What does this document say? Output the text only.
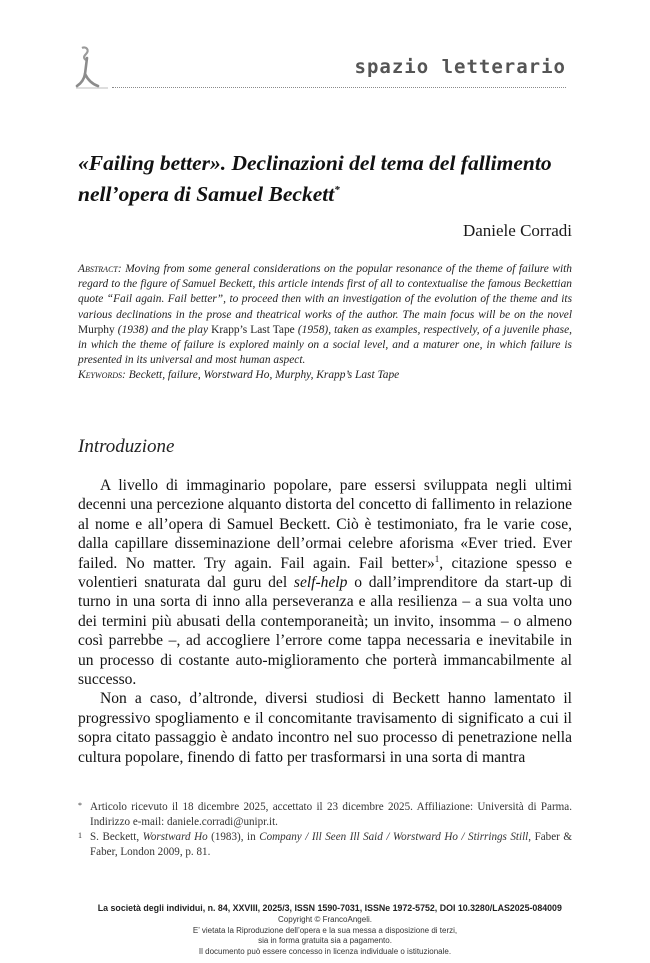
spazio letterario
«Failing better». Declinazioni del tema del fallimento nell’opera di Samuel Beckett*
Daniele Corradi
Abstract: Moving from some general considerations on the popular resonance of the theme of failure with regard to the figure of Samuel Beckett, this article intends first of all to contextualise the famous Beckettian quote “Fail again. Fail better”, to proceed then with an investigation of the evolution of the theme and its various declinations in the prose and theatrical works of the author. The main focus will be on the novel Murphy (1938) and the play Krapp’s Last Tape (1958), taken as examples, respectively, of a juvenile phase, in which the theme of failure is explored mainly on a social level, and a maturer one, in which failure is presented in its universal and most human aspect.
Keywords: Beckett, failure, Worstward Ho, Murphy, Krapp’s Last Tape
Introduzione

A livello di immaginario popolare, pare essersi sviluppata negli ultimi decenni una percezione alquanto distorta del concetto di fallimento in relazione al nome e all’opera di Samuel Beckett. Ciò è testimoniato, fra le varie cose, dalla capillare disseminazione dell’ormai celebre aforisma «Ever tried. Ever failed. No matter. Try again. Fail again. Fail better»$^1$, citazione spesso e volentieri snaturata dal guru del self-help o dall’imprenditore da start-up di turno in una sorta di inno alla perseveranza e alla resilienza – a sua volta uno dei termini più abusati della contemporaneità; un invito, insomma – o almeno così parrebbe –, ad accogliere l’errore come tappa necessaria e inevitabile in un processo di costante auto-miglioramento che porterà immancabilmente al successo.

Non a caso, d’altronde, diversi studiosi di Beckett hanno lamentato il progressivo spogliamento e il concomitante travisamento di significato a cui il sopra citato passaggio è andato incontro nel suo processo di penetrazione nella cultura popolare, finendo di fatto per trasformarsi in una sorta di mantra

* Articolo ricevuto il 18 dicembre 2025, accettato il 23 dicembre 2025. Affiliazione: Università di Parma. Indirizzo e-mail: daniele.corradi@unipr.it.
1 S. Beckett, Worstward Ho (1983), in Company / Ill Seen Ill Said / Worstward Ho / Stirrings Still, Faber & Faber, London 2009, p. 81.
La società degli individui, n. 84, XXVIII, 2025/3, ISSN 1590-7031, ISSNe 1972-5752, DOI 10.3280/LAS2025-084009
Copyright © FrancoAngeli.
E’ vietata la Riproduzione dell’opera e la sua messa a disposizione di terzi,
sia in forma gratuita sia a pagamento.
Il documento può essere concesso in licenza individuale o istituzionale.
